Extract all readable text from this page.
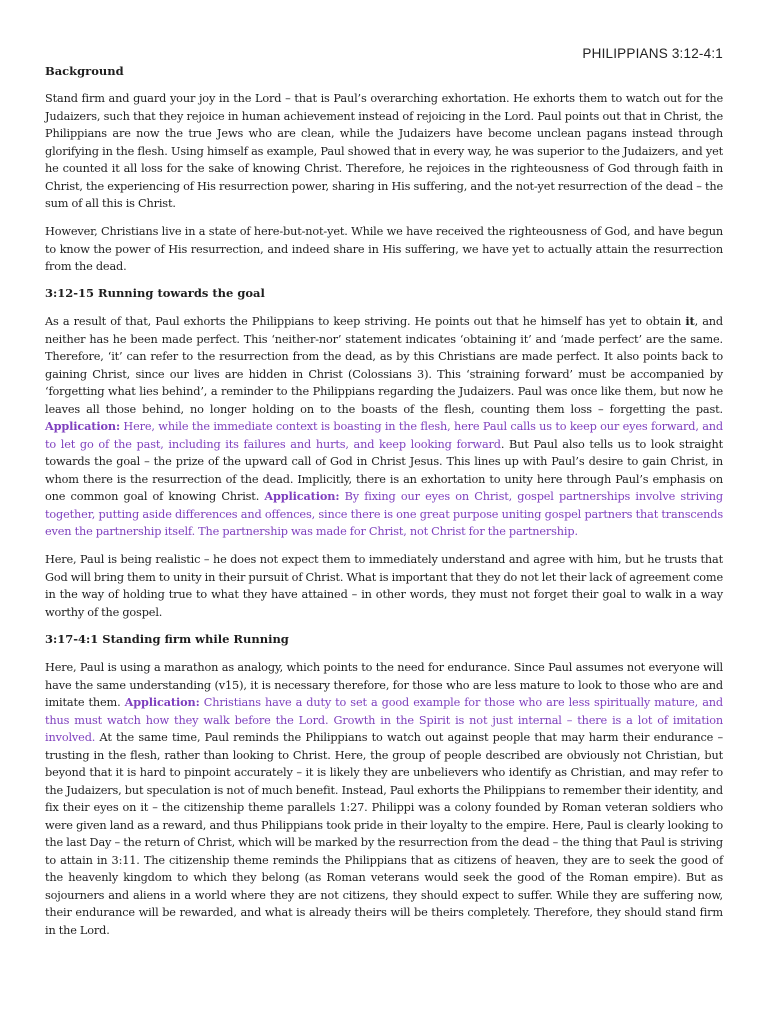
PHILIPPIANS 3:12-4:1
Background

Stand firm and guard your joy in the Lord – that is Paul’s overarching exhortation. He exhorts them to watch out for the Judaizers, such that they rejoice in human achievement instead of rejoicing in the Lord. Paul points out that in Christ, the Philippians are now the true Jews who are clean, while the Judaizers have become unclean pagans instead through glorifying in the flesh. Using himself as example, Paul showed that in every way, he was superior to the Judaizers, and yet he counted it all loss for the sake of knowing Christ. Therefore, he rejoices in the righteousness of God through faith in Christ, the experiencing of His resurrection power, sharing in His suffering, and the not-yet resurrection of the dead – the sum of all this is Christ.

However, Christians live in a state of here-but-not-yet. While we have received the righteousness of God, and have begun to know the power of His resurrection, and indeed share in His suffering, we have yet to actually attain the resurrection from the dead.

3:12-15 Running towards the goal

As a result of that, Paul exhorts the Philippians to keep striving. He points out that he himself has yet to obtain it, and neither has he been made perfect. This ‘neither-nor’ statement indicates ‘obtaining it’ and ‘made perfect’ are the same. Therefore, ‘it’ can refer to the resurrection from the dead, as by this Christians are made perfect. It also points back to gaining Christ, since our lives are hidden in Christ (Colossians 3). This ‘straining forward’ must be accompanied by ‘forgetting what lies behind’, a reminder to the Philippians regarding the Judaizers. Paul was once like them, but now he leaves all those behind, no longer holding on to the boasts of the flesh, counting them loss – forgetting the past. Application: Here, while the immediate context is boasting in the flesh, here Paul calls us to keep our eyes forward, and to let go of the past, including its failures and hurts, and keep looking forward. But Paul also tells us to look straight towards the goal – the prize of the upward call of God in Christ Jesus. This lines up with Paul’s desire to gain Christ, in whom there is the resurrection of the dead. Implicitly, there is an exhortation to unity here through Paul’s emphasis on one common goal of knowing Christ. Application: By fixing our eyes on Christ, gospel partnerships involve striving together, putting aside differences and offences, since there is one great purpose uniting gospel partners that transcends even the partnership itself. The partnership was made for Christ, not Christ for the partnership.

Here, Paul is being realistic – he does not expect them to immediately understand and agree with him, but he trusts that God will bring them to unity in their pursuit of Christ. What is important that they do not let their lack of agreement come in the way of holding true to what they have attained – in other words, they must not forget their goal to walk in a way worthy of the gospel.

3:17-4:1 Standing firm while Running

Here, Paul is using a marathon as analogy, which points to the need for endurance. Since Paul assumes not everyone will have the same understanding (v15), it is necessary therefore, for those who are less mature to look to those who are and imitate them. Application: Christians have a duty to set a good example for those who are less spiritually mature, and thus must watch how they walk before the Lord. Growth in the Spirit is not just internal – there is a lot of imitation involved. At the same time, Paul reminds the Philippians to watch out against people that may harm their endurance – trusting in the flesh, rather than looking to Christ. Here, the group of people described are obviously not Christian, but beyond that it is hard to pinpoint accurately – it is likely they are unbelievers who identify as Christian, and may refer to the Judaizers, but speculation is not of much benefit. Instead, Paul exhorts the Philippians to remember their identity, and fix their eyes on it – the citizenship theme parallels 1:27. Philippi was a colony founded by Roman veteran soldiers who were given land as a reward, and thus Philippians took pride in their loyalty to the empire. Here, Paul is clearly looking to the last Day – the return of Christ, which will be marked by the resurrection from the dead – the thing that Paul is striving to attain in 3:11. The citizenship theme reminds the Philippians that as citizens of heaven, they are to seek the good of the heavenly kingdom to which they belong (as Roman veterans would seek the good of the Roman empire). But as sojourners and aliens in a world where they are not citizens, they should expect to suffer. While they are suffering now, their endurance will be rewarded, and what is already theirs will be theirs completely. Therefore, they should stand firm in the Lord.
